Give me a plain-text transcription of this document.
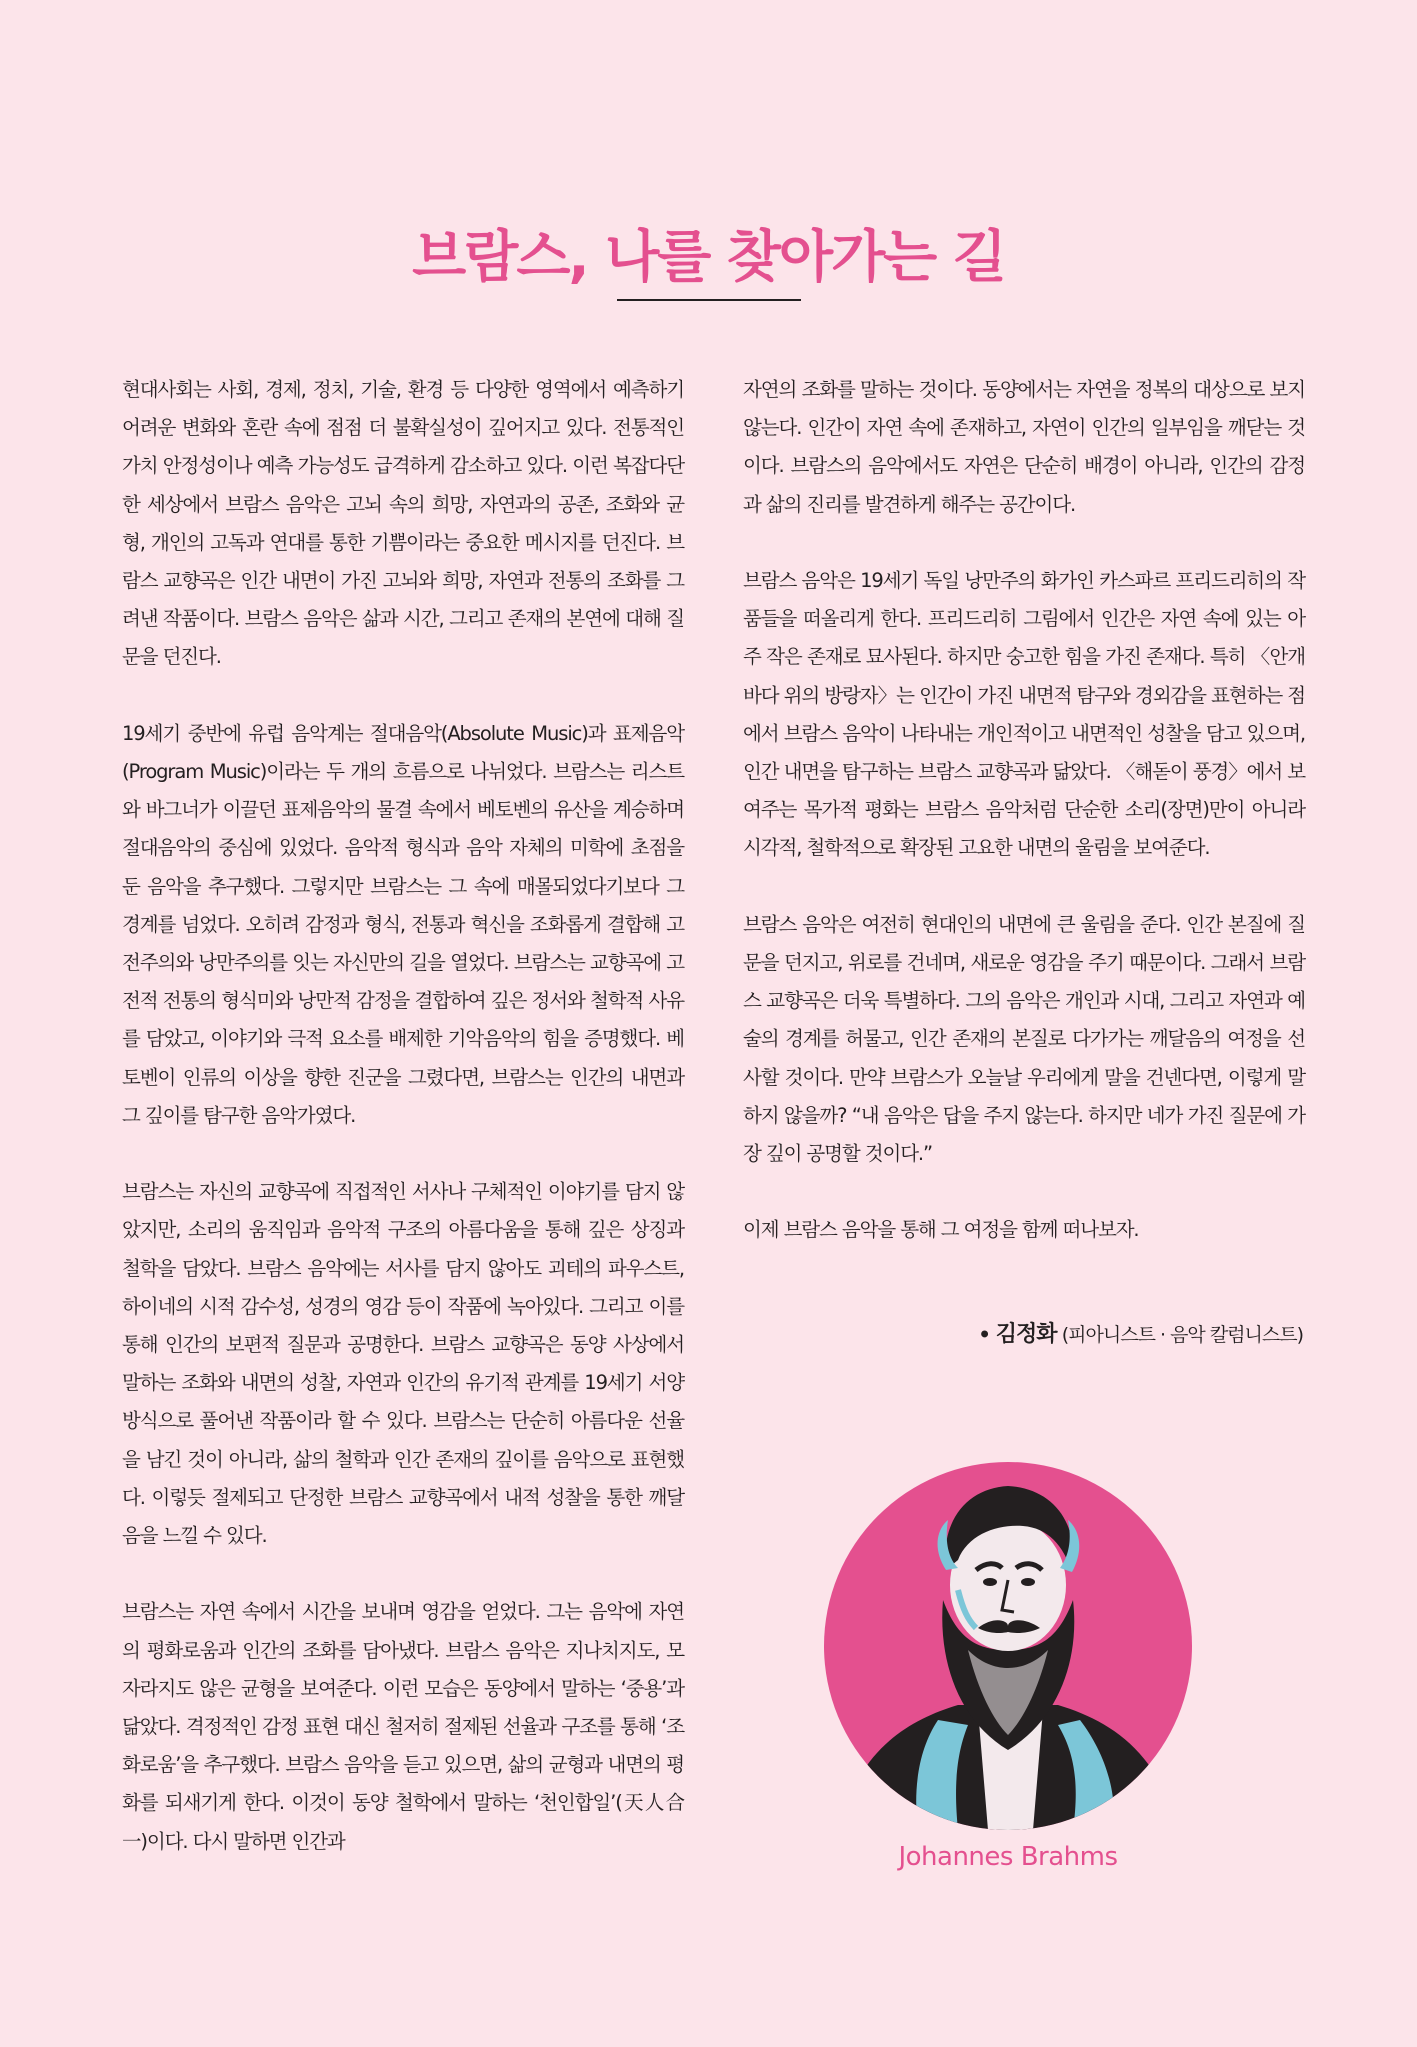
브람스, 나를 찾아가는 길

현대사회는 사회, 경제, 정치, 기술, 환경 등 다양한 영역에서 예측하기 어려운 변화와 혼란 속에 점점 더 불확실성이 깊어지고 있다. 전통적인 가치 안정성이나 예측 가능성도 급격하게 감소하고 있다. 이런 복잡다단한 세상에서 브람스 음악은 고뇌 속의 희망, 자연과의 공존, 조화와 균형, 개인의 고독과 연대를 통한 기쁨이라는 중요한 메시지를 던진다. 브람스 교향곡은 인간 내면이 가진 고뇌와 희망, 자연과 전통의 조화를 그려낸 작품이다. 브람스 음악은 삶과 시간, 그리고 존재의 본연에 대해 질문을 던진다.

19세기 중반에 유럽 음악계는 절대음악(Absolute Music)과 표제음악(Program Music)이라는 두 개의 흐름으로 나뉘었다. 브람스는 리스트와 바그너가 이끌던 표제음악의 물결 속에서 베토벤의 유산을 계승하며 절대음악의 중심에 있었다. 음악적 형식과 음악 자체의 미학에 초점을 둔 음악을 추구했다. 그렇지만 브람스는 그 속에 매몰되었다기보다 그 경계를 넘었다. 오히려 감정과 형식, 전통과 혁신을 조화롭게 결합해 고전주의와 낭만주의를 잇는 자신만의 길을 열었다. 브람스는 교향곡에 고전적 전통의 형식미와 낭만적 감정을 결합하여 깊은 정서와 철학적 사유를 담았고, 이야기와 극적 요소를 배제한 기악음악의 힘을 증명했다. 베토벤이 인류의 이상을 향한 진군을 그렸다면, 브람스는 인간의 내면과 그 깊이를 탐구한 음악가였다.

브람스는 자신의 교향곡에 직접적인 서사나 구체적인 이야기를 담지 않았지만, 소리의 움직임과 음악적 구조의 아름다움을 통해 깊은 상징과 철학을 담았다. 브람스 음악에는 서사를 담지 않아도 괴테의 파우스트, 하이네의 시적 감수성, 성경의 영감 등이 작품에 녹아있다. 그리고 이를 통해 인간의 보편적 질문과 공명한다. 브람스 교향곡은 동양 사상에서 말하는 조화와 내면의 성찰, 자연과 인간의 유기적 관계를 19세기 서양 방식으로 풀어낸 작품이라 할 수 있다. 브람스는 단순히 아름다운 선율을 남긴 것이 아니라, 삶의 철학과 인간 존재의 깊이를 음악으로 표현했다. 이렇듯 절제되고 단정한 브람스 교향곡에서 내적 성찰을 통한 깨달음을 느낄 수 있다.

브람스는 자연 속에서 시간을 보내며 영감을 얻었다. 그는 음악에 자연의 평화로움과 인간의 조화를 담아냈다. 브람스 음악은 지나치지도, 모자라지도 않은 균형을 보여준다. 이런 모습은 동양에서 말하는 ‘중용’과 닮았다. 격정적인 감정 표현 대신 철저히 절제된 선율과 구조를 통해 ‘조화로움’을 추구했다. 브람스 음악을 듣고 있으면, 삶의 균형과 내면의 평화를 되새기게 한다. 이것이 동양 철학에서 말하는 ‘천인합일’(天人合一)이다. 다시 말하면 인간과

자연의 조화를 말하는 것이다. 동양에서는 자연을 정복의 대상으로 보지 않는다. 인간이 자연 속에 존재하고, 자연이 인간의 일부임을 깨닫는 것이다. 브람스의 음악에서도 자연은 단순히 배경이 아니라, 인간의 감정과 삶의 진리를 발견하게 해주는 공간이다.

브람스 음악은 19세기 독일 낭만주의 화가인 카스파르 프리드리히의 작품들을 떠올리게 한다. 프리드리히 그림에서 인간은 자연 속에 있는 아주 작은 존재로 묘사된다. 하지만 숭고한 힘을 가진 존재다. 특히 〈안개 바다 위의 방랑자〉는 인간이 가진 내면적 탐구와 경외감을 표현하는 점에서 브람스 음악이 나타내는 개인적이고 내면적인 성찰을 담고 있으며, 인간 내면을 탐구하는 브람스 교향곡과 닮았다. 〈해돋이 풍경〉에서 보여주는 목가적 평화는 브람스 음악처럼 단순한 소리(장면)만이 아니라 시각적, 철학적으로 확장된 고요한 내면의 울림을 보여준다.

브람스 음악은 여전히 현대인의 내면에 큰 울림을 준다. 인간 본질에 질문을 던지고, 위로를 건네며, 새로운 영감을 주기 때문이다. 그래서 브람스 교향곡은 더욱 특별하다. 그의 음악은 개인과 시대, 그리고 자연과 예술의 경계를 허물고, 인간 존재의 본질로 다가가는 깨달음의 여정을 선사할 것이다. 만약 브람스가 오늘날 우리에게 말을 건넨다면, 이렇게 말하지 않을까? “내 음악은 답을 주지 않는다. 하지만 네가 가진 질문에 가장 깊이 공명할 것이다.”

이제 브람스 음악을 통해 그 여정을 함께 떠나보자.

• 김정화 (피아니스트 · 음악 칼럼니스트)
Johannes Brahms
